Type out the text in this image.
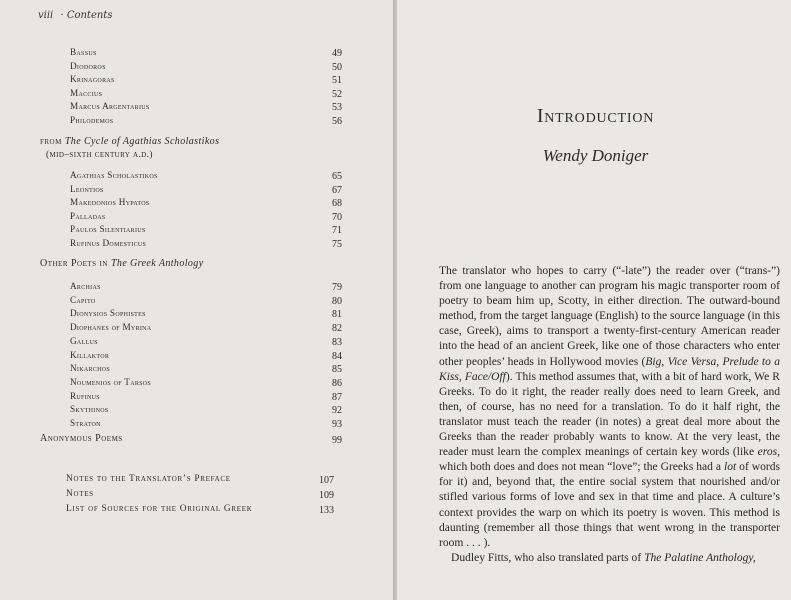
viii · Contents
Bassus	49
Diodoros	50
Krinagoras	51
Maccius	52
Marcus Argentarius	53
Philodemos	56
Agathias Scholastikos	65
Leontios	67
Makedonios Hypatos	68
Palladas	70
Paulos Silentiarius	71
Rufinus Domesticus	75
Archias	79
Capito	80
Dionysios Sophistes	81
Diophanes of Myrina	82
Gallus	83
Killaktor	84
Nikarchos	85
Noumenios of Tarsos	86
Rufinus	87
Skythinos	92
Straton	93
Notes to the Translator’s Preface	107
Notes	109
List of Sources for the Original Greek	133
from The Cycle of Agathias Scholastikos
(mid–sixth century a.d.)
Other Poets in The Greek Anthology
Anonymous Poems	99
Introduction
Wendy Doniger

The translator who hopes to carry (“-late”) the reader over (“trans-”) from one language to another can program his magic transporter room of poetry to beam him up, Scotty, in either direction. The outward-bound method, from the target language (English) to the source language (in this case, Greek), aims to transport a twenty-first-century American reader into the head of an ancient Greek, like one of those characters who enter other peoples’ heads in Hollywood movies (Big, Vice Versa, Prelude to a Kiss, Face/Off). This method assumes that, with a bit of hard work, We R Greeks. To do it right, the reader really does need to learn Greek, and then, of course, has no need for a translation. To do it half right, the translator must teach the reader (in notes) a great deal more about the Greeks than the reader probably wants to know. At the very least, the reader must learn the complex meanings of certain key words (like eros, which both does and does not mean “love”; the Greeks had a lot of words for it) and, beyond that, the entire social system that nourished and/or stifled various forms of love and sex in that time and place. A culture’s context provides the warp on which its poetry is woven. This method is daunting (remember all those things that went wrong in the transporter room . . . ).

Dudley Fitts, who also translated parts of The Palatine Anthology,
